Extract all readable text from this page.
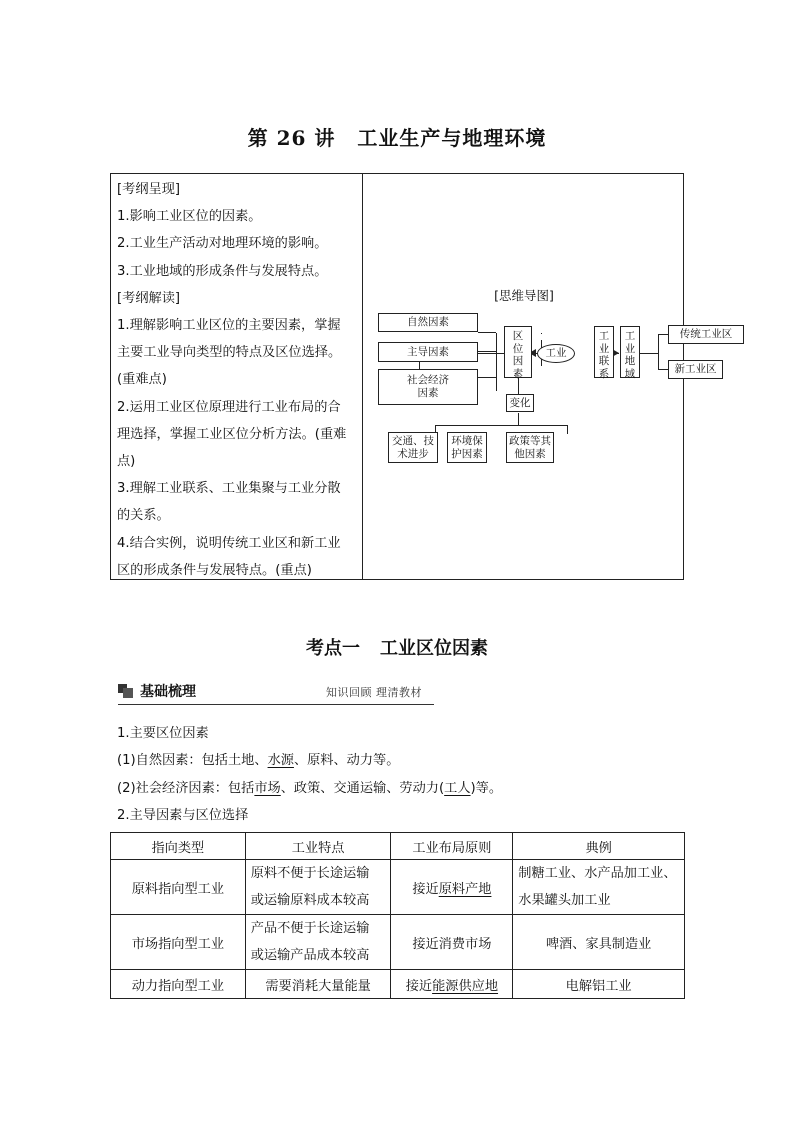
第 26 讲 工业生产与地理环境

[考纲呈现]

1.影响工业区位的因素。

2.工业生产活动对地理环境的影响。

3.工业地域的形成条件与发展特点。

[考纲解读]

1.理解影响工业区位的主要因素，掌握

主要工业导向类型的特点及区位选择。

(重难点)

2.运用工业区位原理进行工业布局的合

理选择，掌握工业区位分析方法。(重难

点)

3.理解工业联系、工业集聚与工业分散

的关系。

4.结合实例，说明传统工业区和新工业

区的形成条件与发展特点。(重点)

[思维导图]
自然因素
主导因素
社会经济
因素
区位因素
工业
工业联系
工业地域
传统工业区
新工业区
变化
交通、技
术进步
环境保
护因素
政策等其
他因素
考点一 工业区位因素
基础梳理	知识回顾 理清教材

1.主要区位因素

(1)自然因素：包括土地、水源、原料、动力等。

(2)社会经济因素：包括市场、政策、交通运输、劳动力(工人)等。

2.主导因素与区位选择

指向类型	工业特点	工业布局原则	典例
原料指向型工业	原料不便于长途运输
或运输原料成本较高	接近原料产地	制糖工业、水产品加工业、
水果罐头加工业
市场指向型工业	产品不便于长途运输
或运输产品成本较高	接近消费市场	啤酒、家具制造业
动力指向型工业	需要消耗大量能量	接近能源供应地	电解铝工业
